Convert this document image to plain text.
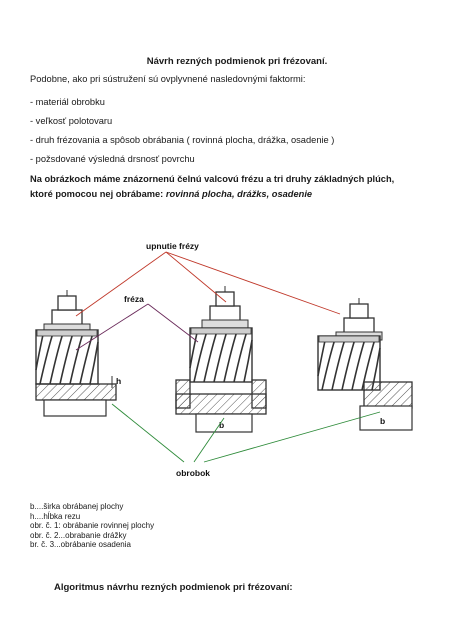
Návrh rezných podmienok pri frézovaní.
Podobne, ako pri sústružení sú ovplyvnené nasledovnými faktormi:
- materiál obrobku
- veľkosť polotovaru
- druh frézovania a spôsob obrábania ( rovinná plocha, drážka, osadenie )
- požsdované výsledná drsnosť povrchu
Na obrázkoch máme znázornenú čelnú valcovú frézu a tri druhy základných plúch,
ktoré pomocou nej obrábame: rovinná plocha, drážks, osadenie
h
b	b
upnutie frézy
fréza
obrobok
b....širka obrábanej plochy
h....hĺbka rezu
obr. č. 1: obrábanie rovinnej plochy
obr. č. 2...obrabanie drážky
br. č. 3...obrábanie osadenia
Algoritmus návrhu rezných podmienok pri frézovaní:
